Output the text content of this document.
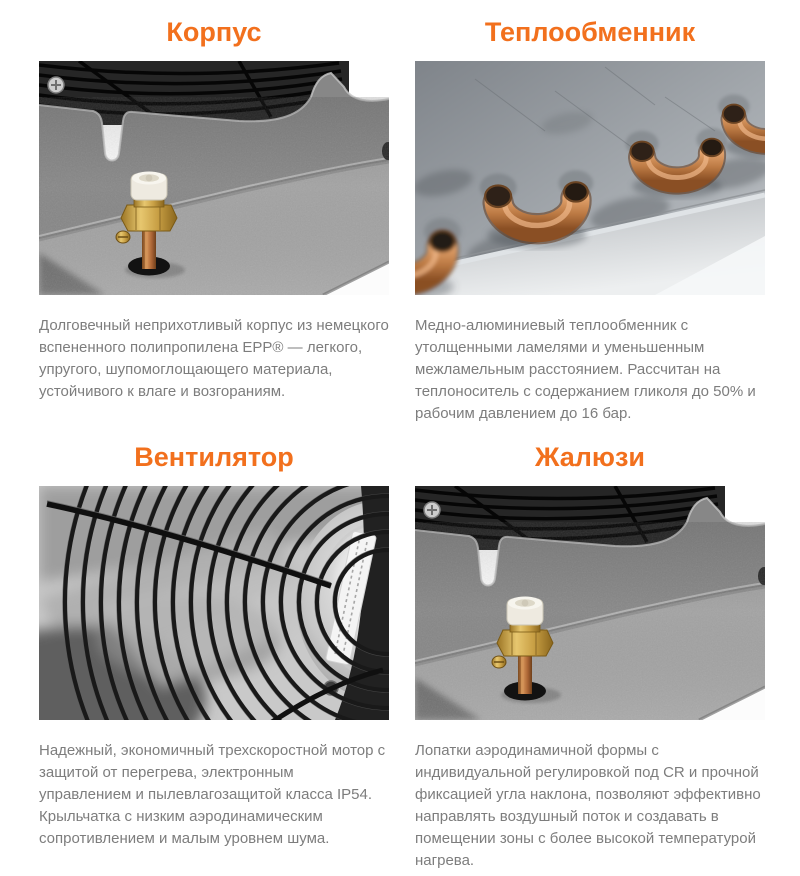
Корпус

Долговечный неприхотливый корпус из немецкого вспененного полипропилена EPP® — легкого, упругого, шупомоглощающего материала, устойчивого к влаге и возгораниям.

Теплообменник

Медно-алюминиевый теплообменник с утолщенными ламелями и уменьшенным межламельным расстоянием. Рассчитан на теплоноситель с содержанием гликоля до 50% и рабочим давлением до 16 бар.

Вентилятор

Надежный, экономичный трехскоростной мотор с защитой от перегрева, электронным управлением и пылевлагозащитой класса IP54. Крыльчатка с низким аэродинамическим сопротивлением и малым уровнем шума.

Жалюзи

Лопатки аэродинамичной формы с индивидуальной регулировкой под CR и прочной фиксацией угла наклона, позволяют эффективно направлять воздушный поток и создавать в помещении зоны с более высокой температурой нагрева.
